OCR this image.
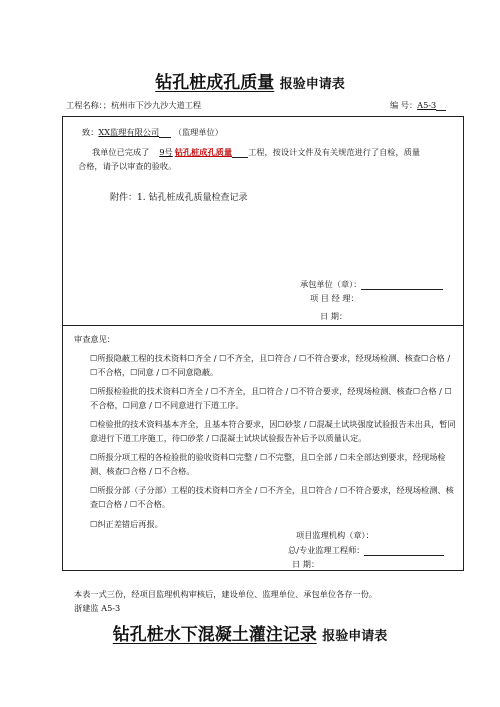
钻孔桩成孔质量 报验申请表
工程名称：；杭州市下沙九沙大道工程	编 号：A5-3
致：XX监理有限公司 （监理单位）
我单位已完成了 9号 钻孔桩成孔质量 工程，按设计文件及有关规范进行了自检，质量
合格，请予以审查的验收。
附件：1. 钻孔桩成孔质量检查记录
承包单位（章）：
项 目 经 理：
日 期：
审查意见：
☐所报隐蔽工程的技术资料☐齐全 / ☐不齐全，且☐符合 / ☐不符合要求，经现场检测、核查☐合格 / ☐不合格，☐同意 / ☐不同意隐蔽。
☐所报检验批的技术资料☐齐全 / ☐不齐全，且☐符合 / ☐不符合要求，经现场检测、核查☐合格 / ☐不合格，☐同意 / ☐不同意进行下道工序。
☐检验批的技术资料基本齐全，且基本符合要求，因☐砂浆 / ☐混凝土试块强度试验报告未出具，暂同意进行下道工序施工，待☐砂浆 / ☐混凝土试块试验报告补后予以质量认定。
☐所报分项工程的各检验批的验收资料☐完整 / ☐不完整，且☐全部 / ☐未全部达到要求，经现场检测、核查☐合格 / ☐不合格。
☐所报分部（子分部）工程的技术资料☐齐全 / ☐不齐全，且☐符合 / ☐不符合要求，经现场检测、核查☐合格 / ☐不合格。
☐纠正差错后再报。
项目监理机构（章）：
总/专业监理工程师：
日 期：
本表一式三份，经项目监理机构审核后，建设单位、监理单位、承包单位各存一份。
浙建监 A5-3
钻孔桩水下混凝土灌注记录 报验申请表
